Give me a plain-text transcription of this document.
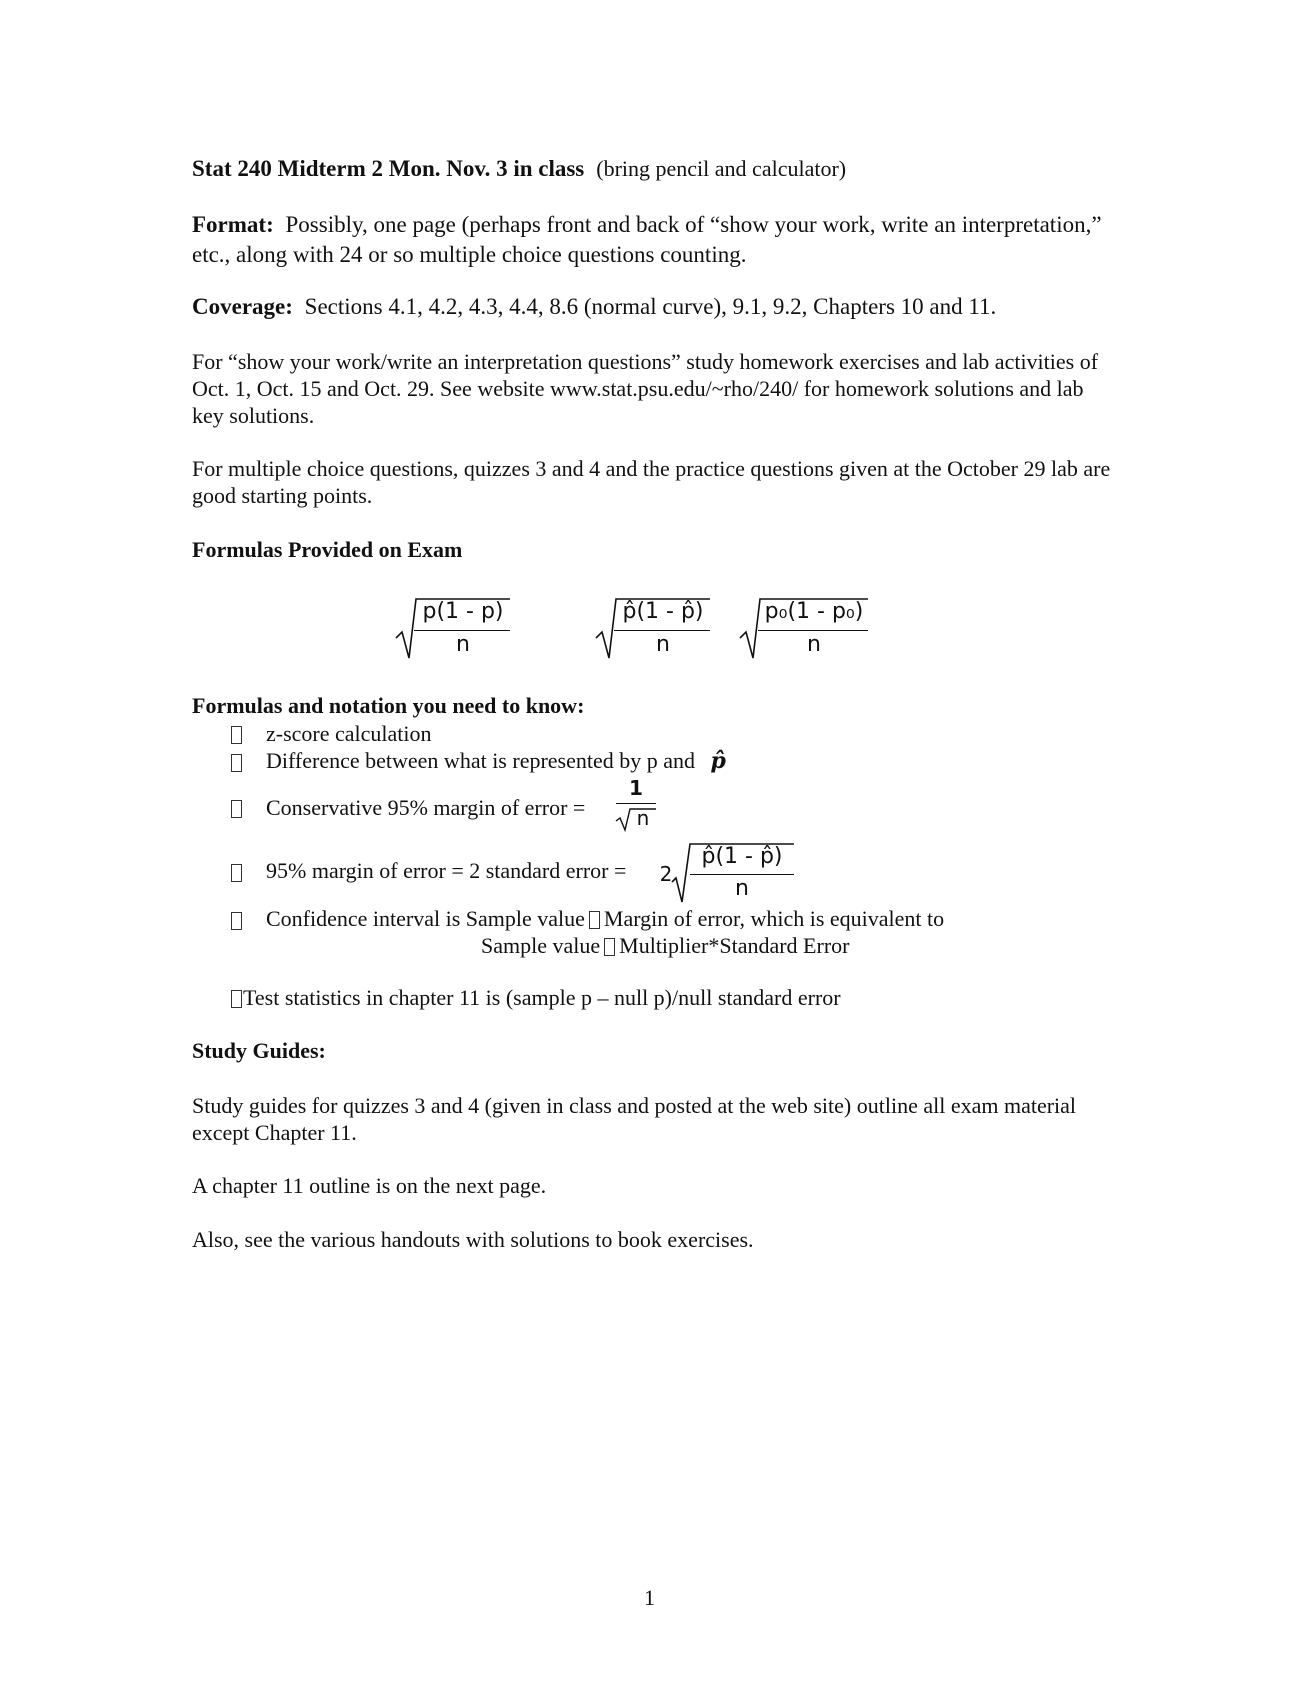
Stat 240 Midterm 2 Mon. Nov. 3 in class (bring pencil and calculator)
Format: Possibly, one page (perhaps front and back of “show your work, write an interpretation,” etc., along with 24 or so multiple choice questions counting.
Coverage: Sections 4.1, 4.2, 4.3, 4.4, 8.6 (normal curve), 9.1, 9.2, Chapters 10 and 11.
For “show your work/write an interpretation questions” study homework exercises and lab activities of Oct. 1, Oct. 15 and Oct. 29. See website www.stat.psu.edu/~rho/240/ for homework solutions and lab key solutions.
For multiple choice questions, quizzes 3 and 4 and the practice questions given at the October 29 lab are good starting points.
Formulas Provided on Exam
p(1 - p)
n
p̂(1 - p̂)
n
p₀(1 - p₀)
n
Formulas and notation you need to know:
z-score calculation
Difference between what is represented by p and p̂
Conservative 95% margin of error =
1
n
95% margin of error = 2 standard error = 2
p̂(1 - p̂)
n
Confidence interval is Sample value Margin of error, which is equivalent to
Sample value Multiplier*Standard Error
Test statistics in chapter 11 is (sample p – null p)/null standard error
Study Guides:
Study guides for quizzes 3 and 4 (given in class and posted at the web site) outline all exam material except Chapter 11.
A chapter 11 outline is on the next page.
Also, see the various handouts with solutions to book exercises.
1
